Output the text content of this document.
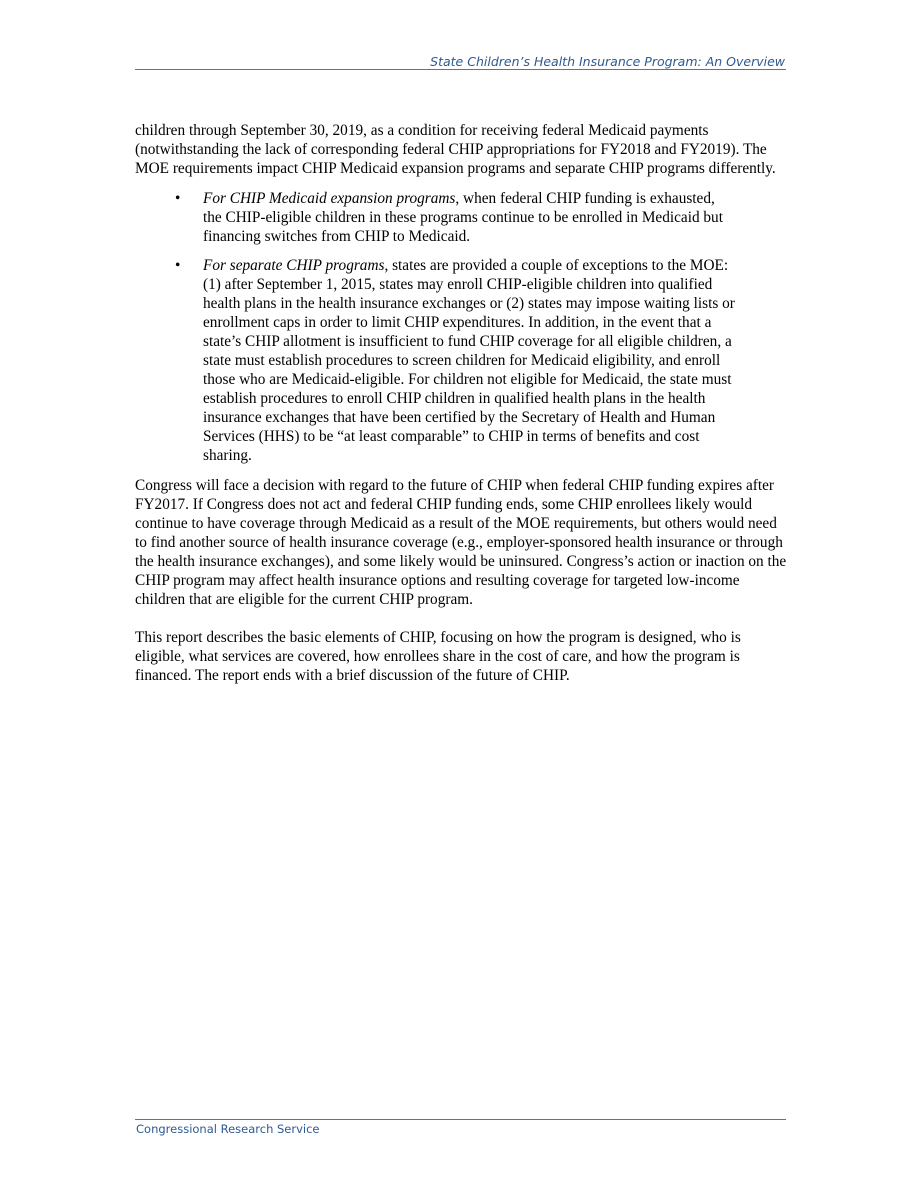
State Children’s Health Insurance Program: An Overview

children through September 30, 2019, as a condition for receiving federal Medicaid payments (notwithstanding the lack of corresponding federal CHIP appropriations for FY2018 and FY2019). The MOE requirements impact CHIP Medicaid expansion programs and separate CHIP programs differently.

• For CHIP Medicaid expansion programs, when federal CHIP funding is exhausted, the CHIP-eligible children in these programs continue to be enrolled in Medicaid but financing switches from CHIP to Medicaid.
• For separate CHIP programs, states are provided a couple of exceptions to the MOE: (1) after September 1, 2015, states may enroll CHIP-eligible children into qualified health plans in the health insurance exchanges or (2) states may impose waiting lists or enrollment caps in order to limit CHIP expenditures. In addition, in the event that a state’s CHIP allotment is insufficient to fund CHIP coverage for all eligible children, a state must establish procedures to screen children for Medicaid eligibility, and enroll those who are Medicaid-eligible. For children not eligible for Medicaid, the state must establish procedures to enroll CHIP children in qualified health plans in the health insurance exchanges that have been certified by the Secretary of Health and Human Services (HHS) to be “at least comparable” to CHIP in terms of benefits and cost sharing.

Congress will face a decision with regard to the future of CHIP when federal CHIP funding expires after FY2017. If Congress does not act and federal CHIP funding ends, some CHIP enrollees likely would continue to have coverage through Medicaid as a result of the MOE requirements, but others would need to find another source of health insurance coverage (e.g., employer-sponsored health insurance or through the health insurance exchanges), and some likely would be uninsured. Congress’s action or inaction on the CHIP program may affect health insurance options and resulting coverage for targeted low-income children that are eligible for the current CHIP program.

This report describes the basic elements of CHIP, focusing on how the program is designed, who is eligible, what services are covered, how enrollees share in the cost of care, and how the program is financed. The report ends with a brief discussion of the future of CHIP.

Congressional Research Service
